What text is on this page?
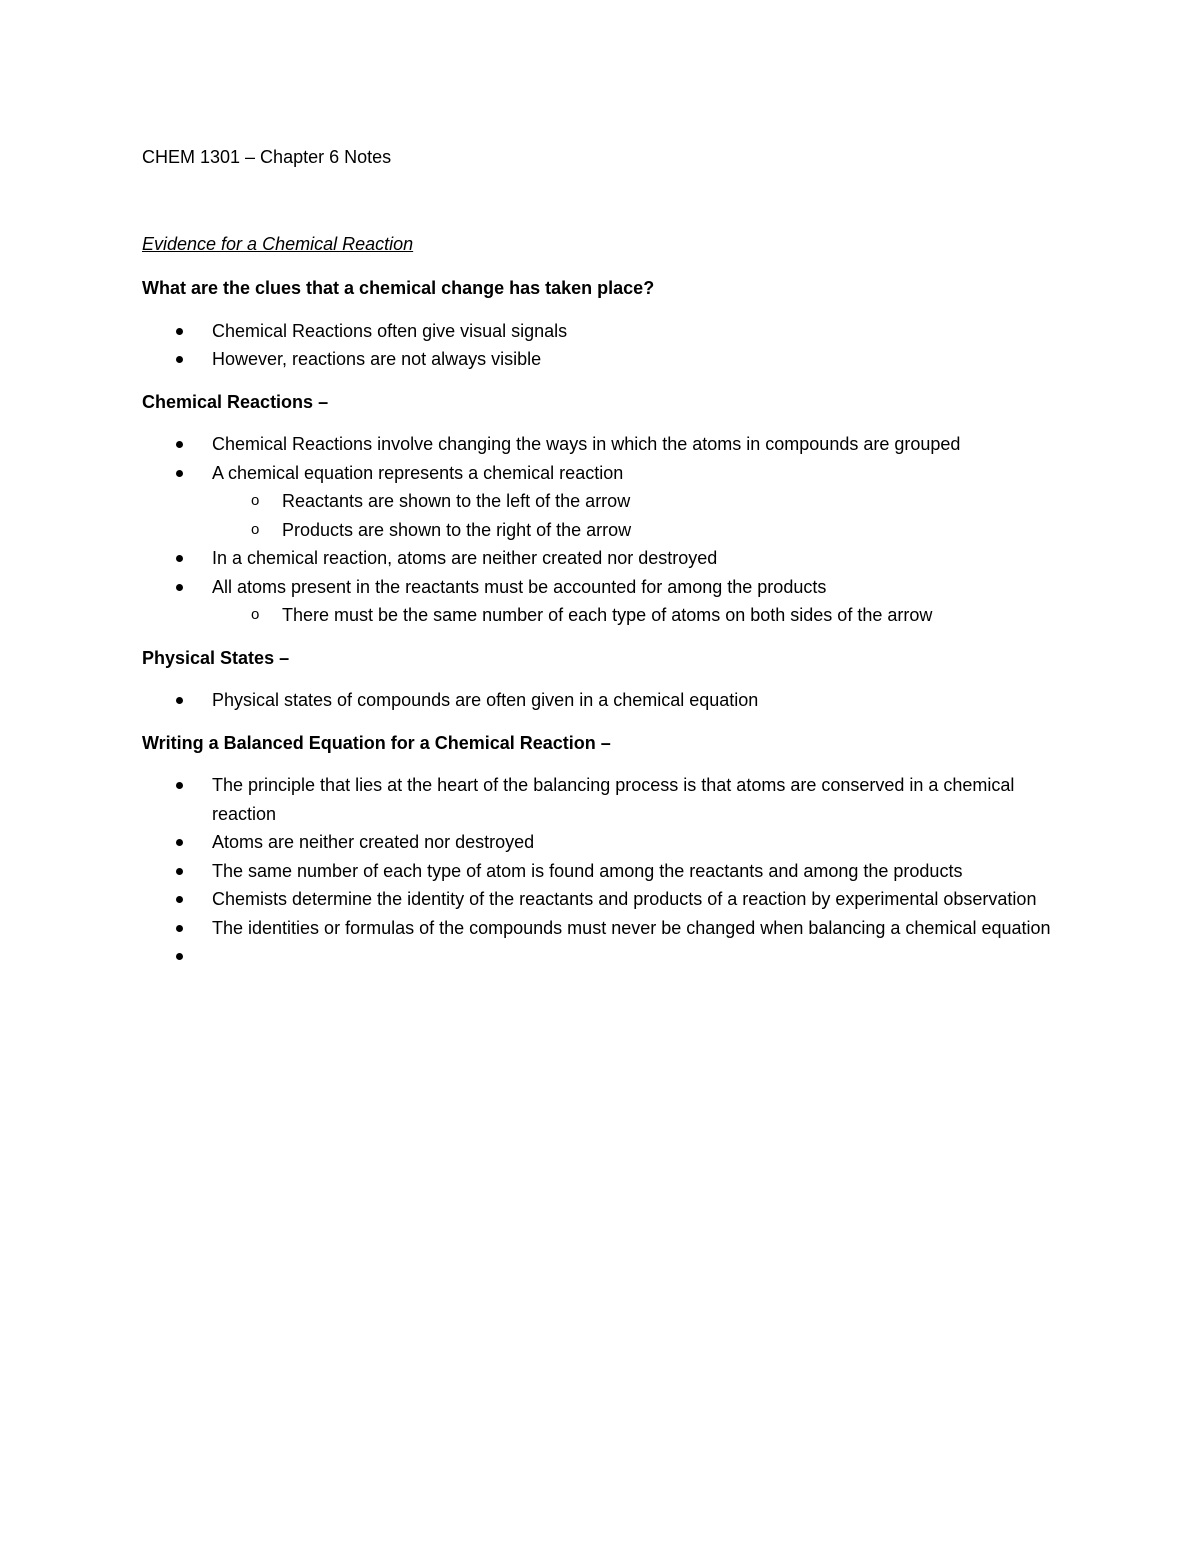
CHEM 1301 – Chapter 6 Notes

Evidence for a Chemical Reaction

What are the clues that a chemical change has taken place?

Chemical Reactions often give visual signals
However, reactions are not always visible

Chemical Reactions –

Chemical Reactions involve changing the ways in which the atoms in compounds are grouped
A chemical equation represents a chemical reaction
o Reactants are shown to the left of the arrow
o Products are shown to the right of the arrow
In a chemical reaction, atoms are neither created nor destroyed
All atoms present in the reactants must be accounted for among the products
o There must be the same number of each type of atoms on both sides of the arrow

Physical States –

Physical states of compounds are often given in a chemical equation

Writing a Balanced Equation for a Chemical Reaction –

The principle that lies at the heart of the balancing process is that atoms are conserved in a chemical reaction
Atoms are neither created nor destroyed
The same number of each type of atom is found among the reactants and among the products
Chemists determine the identity of the reactants and products of a reaction by experimental observation
The identities or formulas of the compounds must never be changed when balancing a chemical equation
